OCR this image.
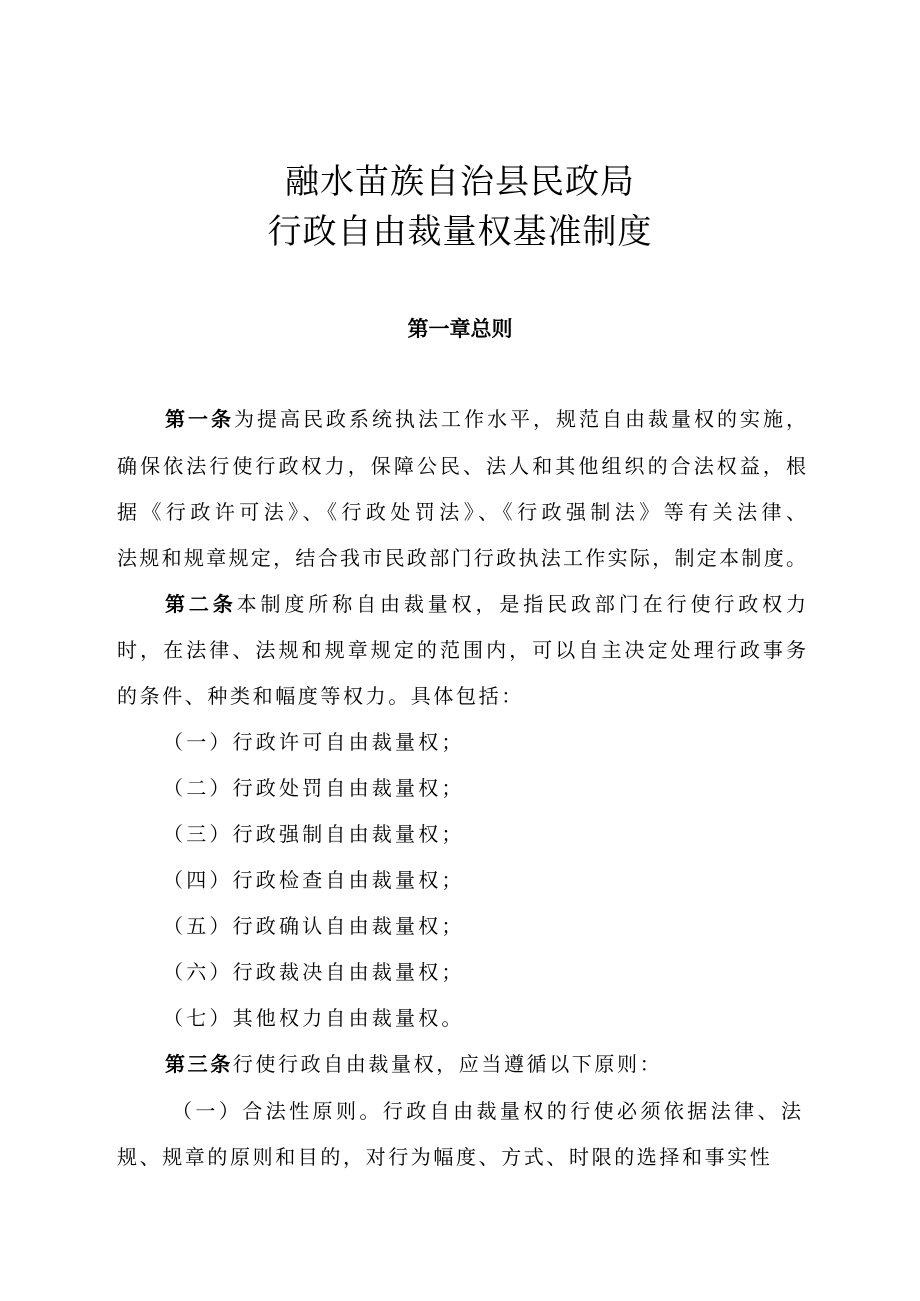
融水苗族自治县民政局
行政自由裁量权基准制度
第一章总则
第一条为提高民政系统执法工作水平，规范自由裁量权的实施，
确保依法行使行政权力，保障公民、法人和其他组织的合法权益，根
据《行政许可法》、《行政处罚法》、《行政强制法》等有关法律、
法规和规章规定，结合我市民政部门行政执法工作实际，制定本制度。
第二条本制度所称自由裁量权，是指民政部门在行使行政权力
时，在法律、法规和规章规定的范围内，可以自主决定处理行政事务
的条件、种类和幅度等权力。具体包括：
（一）行政许可自由裁量权；
（二）行政处罚自由裁量权；
（三）行政强制自由裁量权；
（四）行政检查自由裁量权；
（五）行政确认自由裁量权；
（六）行政裁决自由裁量权；
（七）其他权力自由裁量权。
第三条行使行政自由裁量权，应当遵循以下原则：
（一）合法性原则。行政自由裁量权的行使必须依据法律、法
规、规章的原则和目的，对行为幅度、方式、时限的选择和事实性
